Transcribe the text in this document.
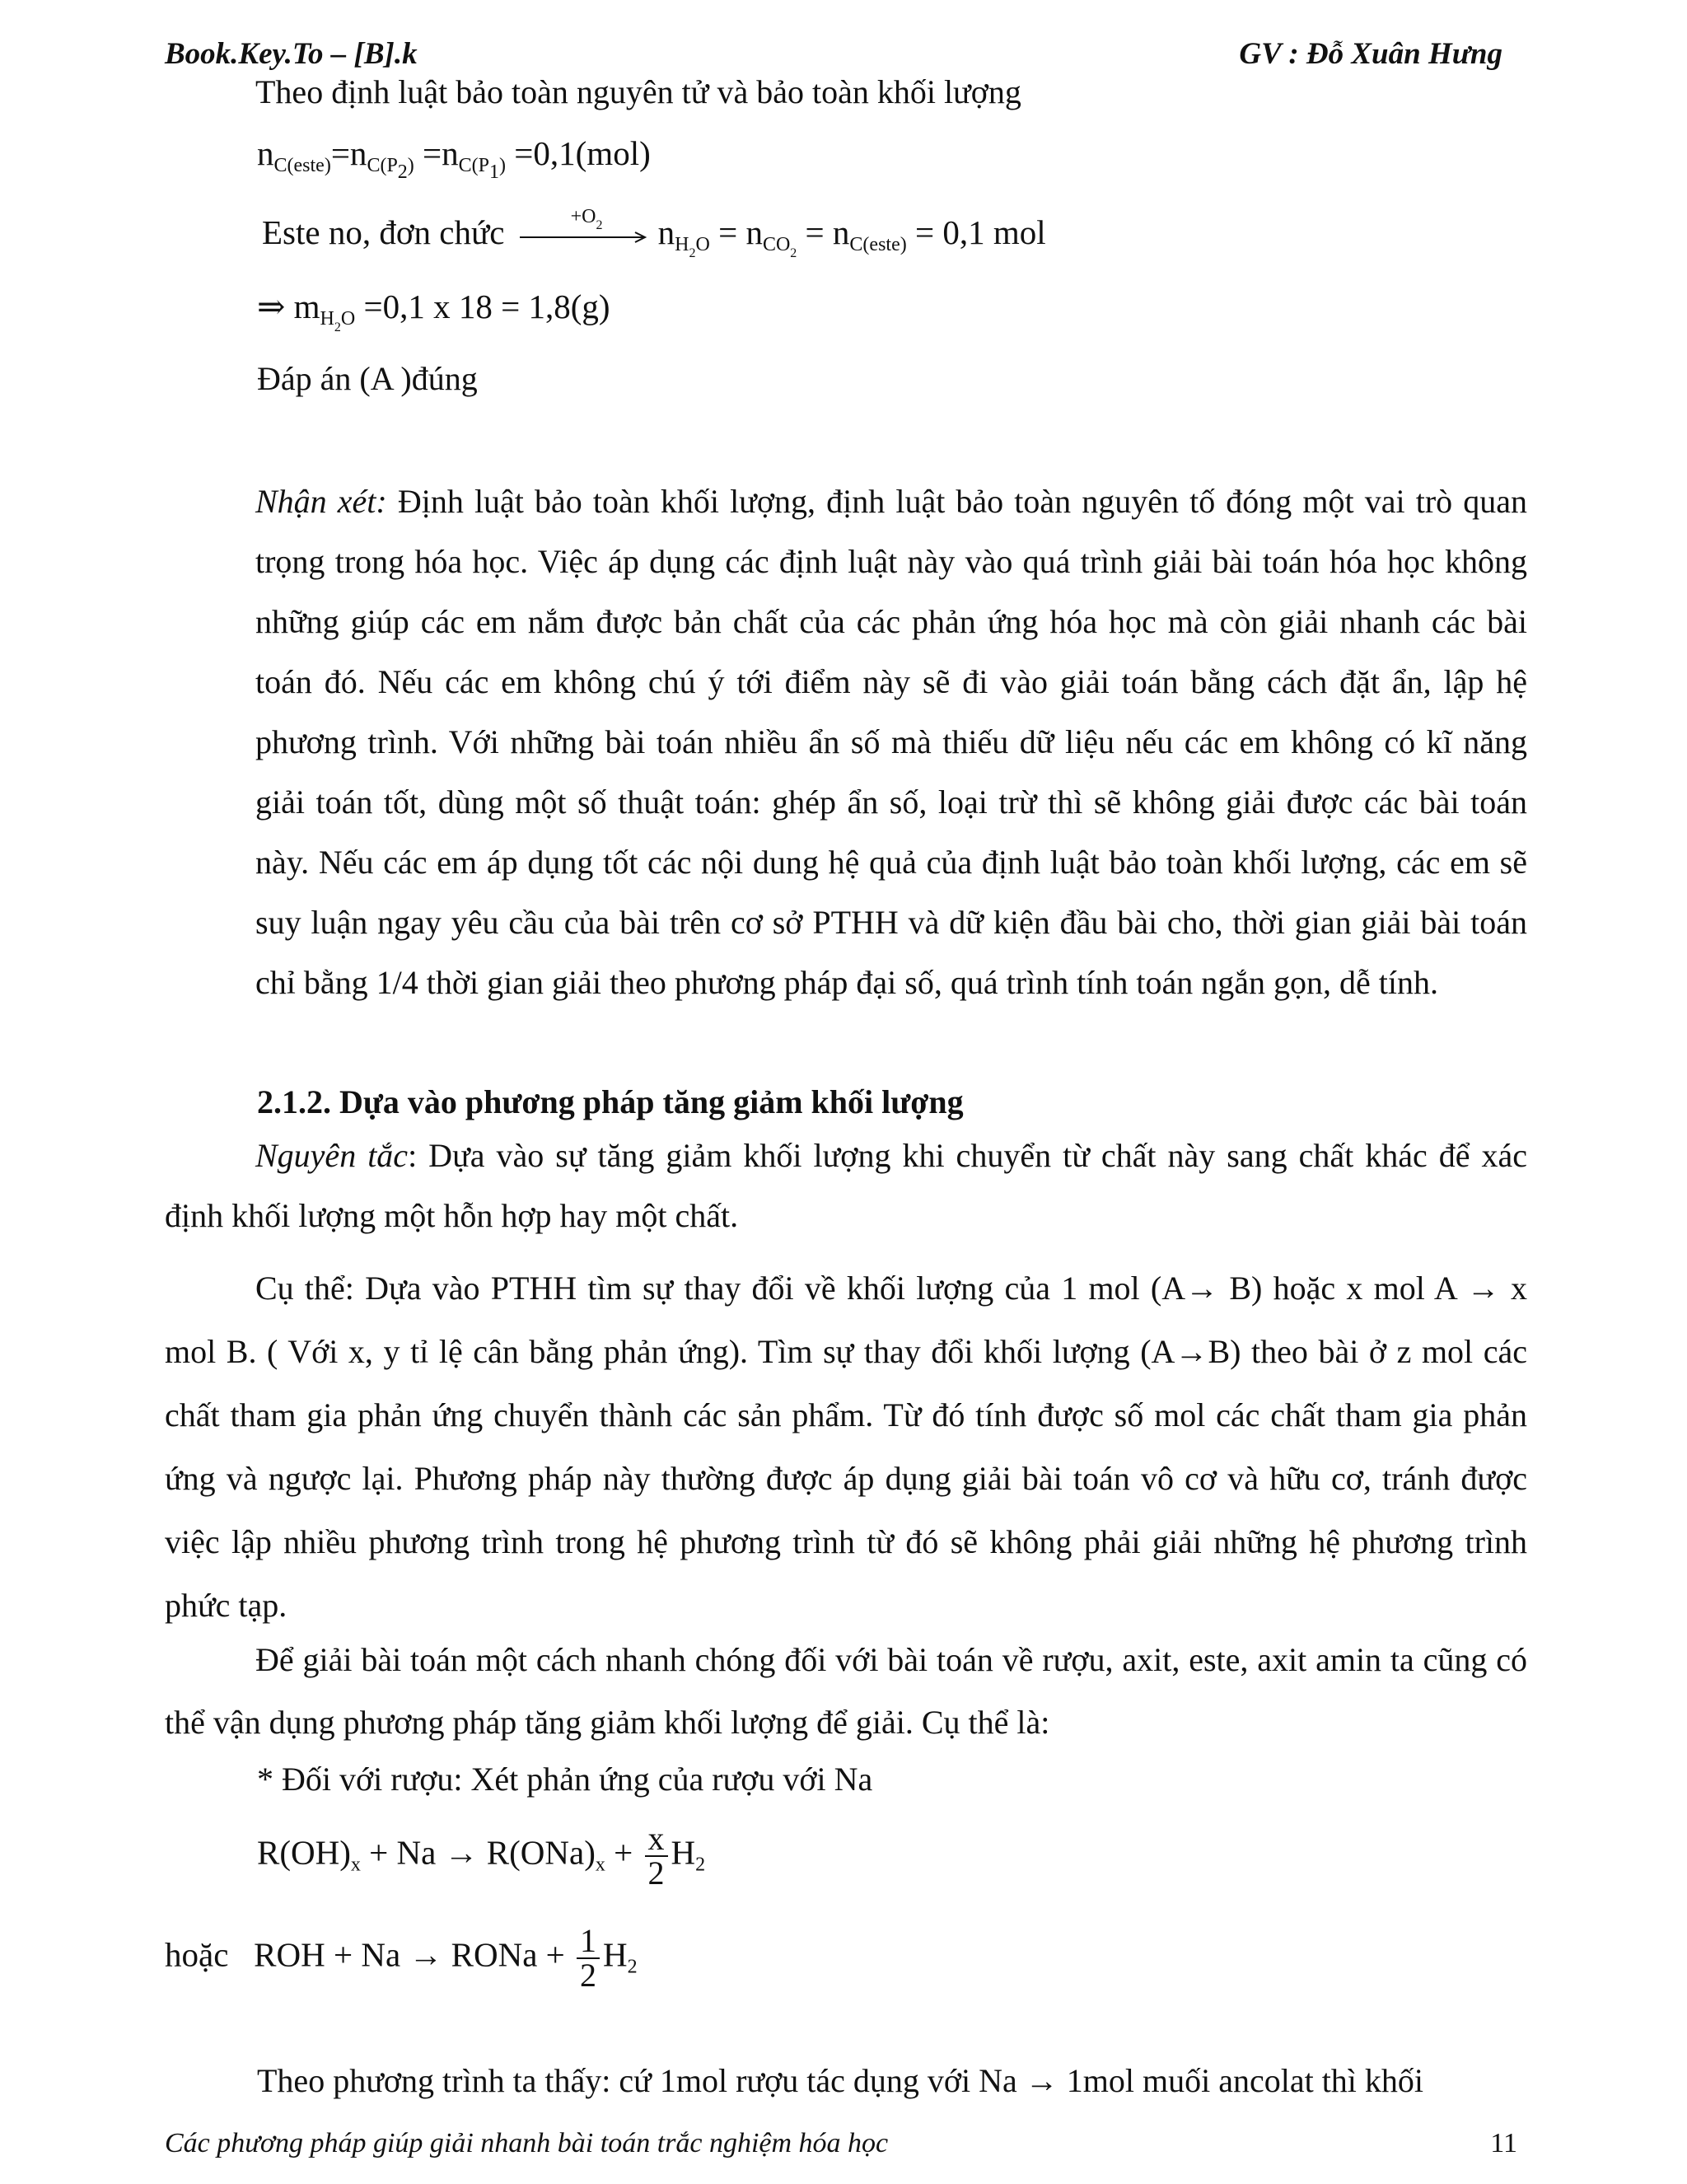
Book.Key.To – [B].k	GV : Đỗ Xuân Hưng
Theo định luật bảo toàn nguyên tử và bảo toàn khối lượng
$n_{C(este)}=n_{C(P_2)} =n_{C(P_1)} =0,1(mol)$
Este no, đơn chức	$+O_2$ $n_{H_2O} = n_{CO_2} = n_{C(este)} = 0,1$ mol
⇒ $m_{H_2O} =0,1$ x 18 = 1,8(g)
Đáp án (A )đúng

Nhận xét: Định luật bảo toàn khối lượng, định luật bảo toàn nguyên tố đóng một vai trò quan trọng trong hóa học. Việc áp dụng các định luật này vào quá trình giải bài toán hóa học không những giúp các em nắm được bản chất của các phản ứng hóa học mà còn giải nhanh các bài toán đó. Nếu các em không chú ý tới điểm này sẽ đi vào giải toán bằng cách đặt ẩn, lập hệ phương trình. Với những bài toán nhiều ẩn số mà thiếu dữ liệu nếu các em không có kĩ năng giải toán tốt, dùng một số thuật toán: ghép ẩn số, loại trừ thì sẽ không giải được các bài toán này. Nếu các em áp dụng tốt các nội dung hệ quả của định luật bảo toàn khối lượng, các em sẽ suy luận ngay yêu cầu của bài trên cơ sở PTHH và dữ kiện đầu bài cho, thời gian giải bài toán chỉ bằng 1/4 thời gian giải theo phương pháp đại số, quá trình tính toán ngắn gọn, dễ tính.

2.1.2. Dựa vào phương pháp tăng giảm khối lượng

Nguyên tắc: Dựa vào sự tăng giảm khối lượng khi chuyển từ chất này sang chất khác để xác định khối lượng một hỗn hợp hay một chất.

Cụ thể: Dựa vào PTHH tìm sự thay đổi về khối lượng của 1 mol (A→ B) hoặc x mol A → x mol B. ( Với x, y tỉ lệ cân bằng phản ứng). Tìm sự thay đổi khối lượng (A→B) theo bài ở z mol các chất tham gia phản ứng chuyển thành các sản phẩm. Từ đó tính được số mol các chất tham gia phản ứng và ngược lại. Phương pháp này thường được áp dụng giải bài toán vô cơ và hữu cơ, tránh được việc lập nhiều phương trình trong hệ phương trình từ đó sẽ không phải giải những hệ phương trình phức tạp.

Để giải bài toán một cách nhanh chóng đối với bài toán về rượu, axit, este, axit amin ta cũng có thể vận dụng phương pháp tăng giảm khối lượng để giải. Cụ thể là:

* Đối với rượu: Xét phản ứng của rượu với Na
$R(OH)_x + Na \to R(ONa)_x + \frac{x}{2} H_2$
hoặc ROH + Na → RONa + $\frac{1}{2} H_2$
Theo phương trình ta thấy: cứ 1mol rượu tác dụng với Na → 1mol muối ancolat thì khối
Các phương pháp giúp giải nhanh bài toán trắc nghiệm hóa học	11
